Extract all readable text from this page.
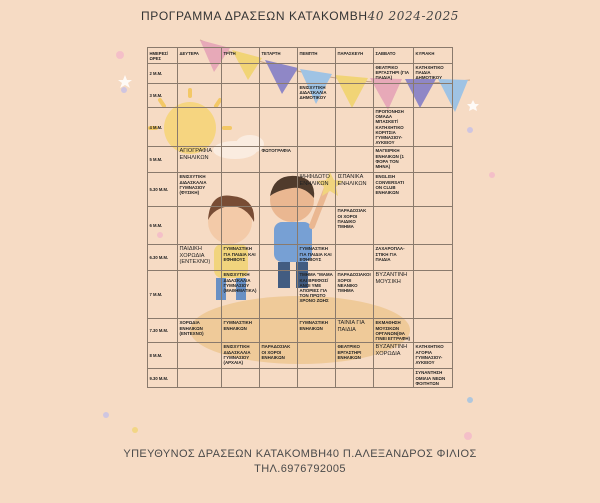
ΠΡΟΓΡΑΜΜΑ ΔΡΑΣΕΩΝ ΚΑΤΑΚΟΜΒΗ40 2024-2025
ΗΜΕΡΕΣ/ ΩΡΕΣ	ΔΕΥΤΕΡΑ	ΤΡΙΤΗ	ΤΕΤΑΡΤΗ	ΠΕΜΠΤΗ	ΠΑΡΑΣΚΕΥΗ	ΣΑΒΒΑΤΟ	ΚΥΡΙΑΚΗ
2 Μ.Μ.						ΘΕΑΤΡΙΚΟ ΕΡΓΑΣΤΗΡΙ (ΓΙΑ ΠΑΙΔΙΑ)	ΚΑΤΗΧΗΤΙΚΟ ΠΑΙΔΙΑ ΔΗΜΟΤΙΚΟΥ
3 Μ.Μ.				ΕΝΙΣΧΥΤΙΚΗ ΔΙΔΑΣΚΑΛΙΑ ΔΗΜΟΤΙΚΟΥ			
4 Μ.Μ.						ΠΡΟΠΟΝΗΣΗ ΟΜΑΔΑ ΜΠΑΣΚΕΤ/ ΚΑΤΗΧΗΤΙΚΟ ΚΟΡΙΤΣΙΑ ΓΥΜΝΑΣΙΟΥ-ΛΥΚΕΙΟΥ	
5 Μ.Μ.	ΑΓΙΟΓΡΑΦΙΑ ΕΝΗΛΙΚΩΝ		ΦΩΤΟΓΡΑΦΙΑ			ΜΑΓΕΙΡΙΚΗ ΕΝΗΛΙΚΩΝ (1 ΦΟΡΑ ΤΟΝ ΜΗΝΑ)	
5.30 Μ.Μ.	ΕΝΙΣΧΥΤΙΚΗ ΔΙΔΑΣΚΑΛΙΑ ΓΥΜΝΑΣΙΟΥ (ΦΥΣΙΚΗ)			ΨΗΦΙΔΩΤΟ ΕΝΗΛΙΚΩΝ	ΙΣΠΑΝΙΚΑ ΕΝΗΛΙΚΩΝ	ENGLISH CONVERSATI ON CLUB ΕΝΗΛΙΚΩΝ	
6 Μ.Μ.					ΠΑΡΑΔΟΣΙΑΚ ΟΙ ΧΟΡΟΙ ΠΑΙΔΙΚΟ ΤΜΗΜΑ		
6.30 Μ.Μ.	ΠΑΙΔΙΚΗ ΧΟΡΩΔΙΑ (ΕΝΤΕΧΝΟ)	ΓΥΜΝΑΣΤΙΚΗ ΓΙΑ ΠΑΙΔΙΑ ΚΑΙ ΕΦΗΒΟΥΣ		ΓΥΜΝΑΣΤΙΚΗ ΓΙΑ ΠΑΙΔΙΑ ΚΑΙ ΕΦΗΒΟΥΣ		ΖΑΧΑΡΟΠΛΑ-ΣΤΙΚΗ ΓΙΑ ΠΑΙΔΙΑ	
7 Μ.Μ.		ΕΝΙΣΧΥΤΙΚΗ ΔΙΔΑΣΚΑΛΙΑ ΓΥΜΝΑΣΙΟΥ (ΜΑΘΗΜΑΤΙΚΑ)		ΤΜΗΜΑ "ΜΑΜΑ ΚΑΙ ΒΡΕΦΟΣ/ΑΝΟΙ ΥΜΕ ΑΠΟΡΙΕΣ ΓΙΑ ΤΟΝ ΠΡΩΤΟ ΧΡΟΝΟ ΖΩΗΣ	ΠΑΡΑΔΟΣΙΑΚΟΙ ΧΟΡΟΙ ΝΕΑΝΙΚΟ ΤΜΗΜΑ	ΒΥΖΑΝΤΙΝΗ ΜΟΥΣΙΚΗ	
7.30 Μ.Μ.	ΧΟΡΩΔΙΑ ΕΝΗΛΙΚΩΝ (ΕΝΤΕΧΝΟ)	ΓΥΜΝΑΣΤΙΚΗ ΕΝΗΛΙΚΩΝ		ΓΥΜΝΑΣΤΙΚΗ ΕΝΗΛΙΚΩΝ	ΤΑΙΝΙΑ ΓΙΑ ΠΑΙΔΙΑ	ΕΚΜΑΘΗΣΗ ΜΟΥΣΙΚΩΝ ΟΡΓΑΝΩΝ(ΘΑ ΓΙΝΕΙ ΕΓΓΡΑΦΗ)	
8 Μ.Μ.		ΕΝΙΣΧΥΤΙΚΗ ΔΙΔΑΣΚΑΛΙΑ ΓΥΜΝΑΣΙΟΥ (ΑΡΧΑΙΑ)	ΠΑΡΑΔΟΣΙΑΚ ΟΙ ΧΟΡΟΙ ΕΝΗΛΙΚΩΝ		ΘΕΑΤΡΙΚΟ ΕΡΓΑΣΤΗΡΙ ΕΝΗΛΙΚΩΝ	ΒΥΖΑΝΤΙΝΗ ΧΟΡΩΔΙΑ	ΚΑΤΗΧΗΤΙΚΟ ΑΓΟΡΙΑ ΓΥΜΝΑΣΙΟΥ-ΛΥΚΕΙΟΥ
9.30 Μ.Μ.							ΣΥΝΑΝΤΗΣΗ ΟΜΙΛΙΑ ΝΕΩΝ ΦΟΙΤΗΤΩΝ
ΥΠΕΥΘΥΝΟΣ ΔΡΑΣΕΩΝ ΚΑΤΑΚΟΜΒΗ40 Π.ΑΛΕΞΑΝΔΡΟΣ ΦΙΛΙΟΣ
ΤΗΛ.6976792005
